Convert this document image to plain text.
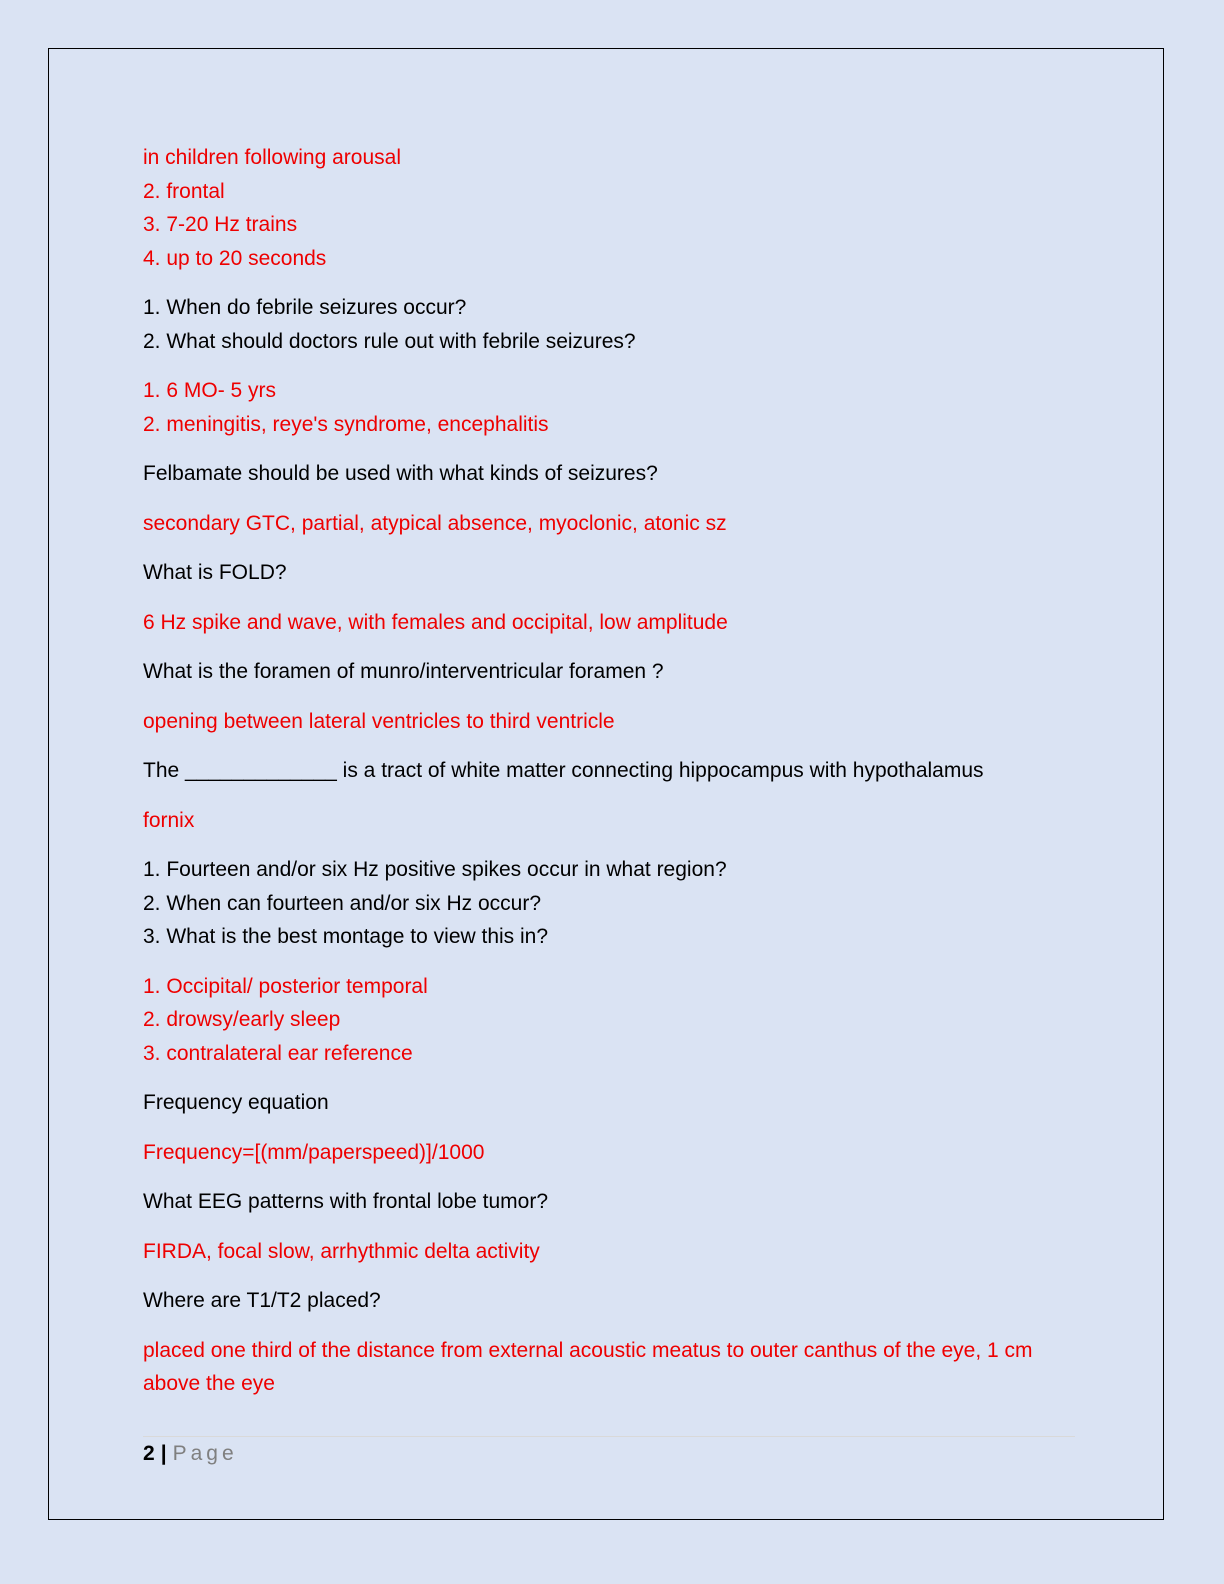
in children following arousal
2. frontal
3. 7-20 Hz trains
4. up to 20 seconds
1. When do febrile seizures occur?
2. What should doctors rule out with febrile seizures?
1. 6 MO- 5 yrs
2. meningitis, reye's syndrome, encephalitis
Felbamate should be used with what kinds of seizures?
secondary GTC, partial, atypical absence, myoclonic, atonic sz
What is FOLD?
6 Hz spike and wave, with females and occipital, low amplitude
What is the foramen of munro/interventricular foramen ?
opening between lateral ventricles to third ventricle
The _____________ is a tract of white matter connecting hippocampus with hypothalamus
fornix
1. Fourteen and/or six Hz positive spikes occur in what region?
2. When can fourteen and/or six Hz occur?
3. What is the best montage to view this in?
1. Occipital/ posterior temporal
2. drowsy/early sleep
3. contralateral ear reference
Frequency equation
Frequency=[(mm/paperspeed)]/1000
What EEG patterns with frontal lobe tumor?
FIRDA, focal slow, arrhythmic delta activity
Where are T1/T2 placed?
placed one third of the distance from external acoustic meatus to outer canthus of the eye, 1 cm above the eye
2 | Page
